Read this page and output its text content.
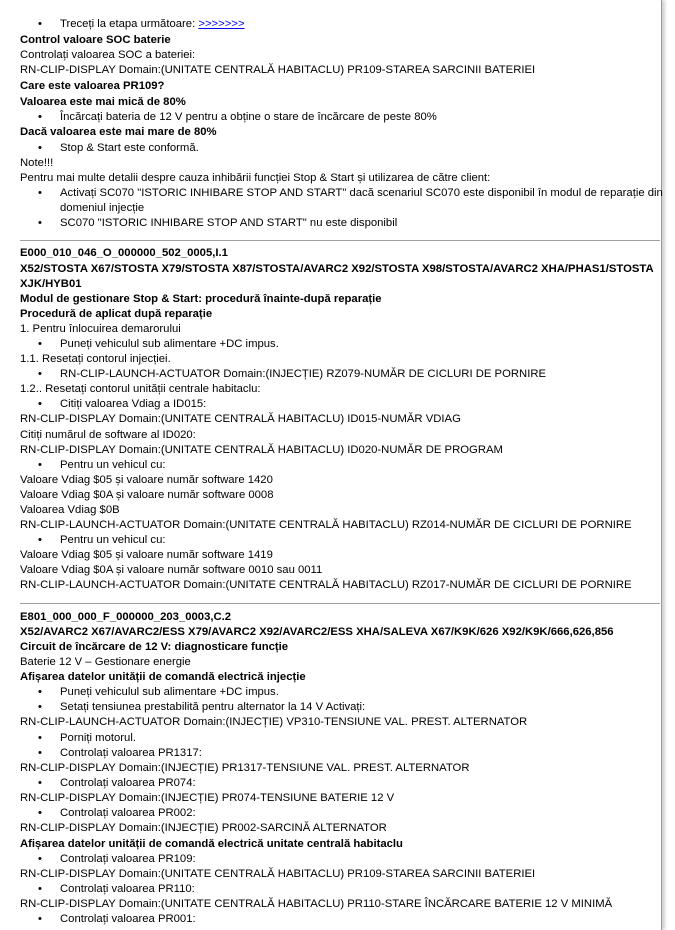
• Treceți la etapa următoare: >>>>>>>
Control valoare SOC baterie
Controlați valoarea SOC a bateriei:
RN-CLIP-DISPLAY Domain:(UNITATE CENTRALĂ HABITACLU) PR109-STAREA SARCINII BATERIEI
Care este valoarea PR109?
Valoarea este mai mică de 80%
• Încărcați bateria de 12 V pentru a obține o stare de încărcare de peste 80%
Dacă valoarea este mai mare de 80%
• Stop & Start este conformă.
Note!!!
Pentru mai multe detalii despre cauza inhibării funcției Stop & Start și utilizarea de către client:
• Activați SC070 "ISTORIC INHIBARE STOP AND START" dacă scenariul SC070 este disponibil în modul de reparație din
domeniul injecție
• SC070 "ISTORIC INHIBARE STOP AND START" nu este disponibil
E000_010_046_O_000000_502_0005,I.1
X52/STOSTA X67/STOSTA X79/STOSTA X87/STOSTA/AVARC2 X92/STOSTA X98/STOSTA/AVARC2 XHA/PHAS1/STOSTA
XJK/HYB01
Modul de gestionare Stop & Start: procedură înainte-după reparație
Procedură de aplicat după reparație
1. Pentru înlocuirea demarorului
• Puneți vehiculul sub alimentare +DC impus.
1.1. Resetați contorul injecției.
• RN-CLIP-LAUNCH-ACTUATOR Domain:(INJECȚIE) RZ079-NUMĂR DE CICLURI DE PORNIRE
1.2.. Resetați contorul unității centrale habitaclu:
• Citiți valoarea Vdiag a ID015:
RN-CLIP-DISPLAY Domain:(UNITATE CENTRALĂ HABITACLU) ID015-NUMĂR VDIAG
Citiți numărul de software al ID020:
RN-CLIP-DISPLAY Domain:(UNITATE CENTRALĂ HABITACLU) ID020-NUMĂR DE PROGRAM
• Pentru un vehicul cu:
Valoare Vdiag $05 și valoare număr software 1420
Valoare Vdiag $0A și valoare număr software 0008
Valoarea Vdiag $0B
RN-CLIP-LAUNCH-ACTUATOR Domain:(UNITATE CENTRALĂ HABITACLU) RZ014-NUMĂR DE CICLURI DE PORNIRE
• Pentru un vehicul cu:
Valoare Vdiag $05 și valoare număr software 1419
Valoare Vdiag $0A și valoare număr software 0010 sau 0011
RN-CLIP-LAUNCH-ACTUATOR Domain:(UNITATE CENTRALĂ HABITACLU) RZ017-NUMĂR DE CICLURI DE PORNIRE
E801_000_000_F_000000_203_0003,C.2
X52/AVARC2 X67/AVARC2/ESS X79/AVARC2 X92/AVARC2/ESS XHA/SALEVA X67/K9K/626 X92/K9K/666,626,856
Circuit de încărcare de 12 V: diagnosticare funcție
Baterie 12 V – Gestionare energie
Afișarea datelor unității de comandă electrică injecție
• Puneți vehiculul sub alimentare +DC impus.
• Setați tensiunea prestabilită pentru alternator la 14 V Activați:
RN-CLIP-LAUNCH-ACTUATOR Domain:(INJECȚIE) VP310-TENSIUNE VAL. PREST. ALTERNATOR
• Porniți motorul.
• Controlați valoarea PR1317:
RN-CLIP-DISPLAY Domain:(INJECȚIE) PR1317-TENSIUNE VAL. PREST. ALTERNATOR
• Controlați valoarea PR074:
RN-CLIP-DISPLAY Domain:(INJECȚIE) PR074-TENSIUNE BATERIE 12 V
• Controlați valoarea PR002:
RN-CLIP-DISPLAY Domain:(INJECȚIE) PR002-SARCINĂ ALTERNATOR
Afișarea datelor unității de comandă electrică unitate centrală habitaclu
• Controlați valoarea PR109:
RN-CLIP-DISPLAY Domain:(UNITATE CENTRALĂ HABITACLU) PR109-STAREA SARCINII BATERIEI
• Controlați valoarea PR110:
RN-CLIP-DISPLAY Domain:(UNITATE CENTRALĂ HABITACLU) PR110-STARE ÎNCĂRCARE BATERIE 12 V MINIMĂ
• Controlați valoarea PR001:
